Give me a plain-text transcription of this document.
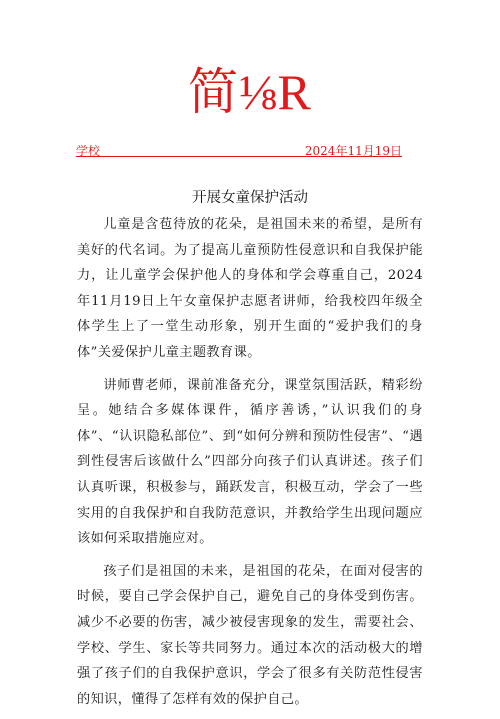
简⅛R
学校	2024年11月19日
开展女童保护活动

儿童是含苞待放的花朵，是祖国未来的希望，是所有美好的代名词。为了提高儿童预防性侵意识和自我保护能力，让儿童学会保护他人的身体和学会尊重自己，2024年11月19日上午女童保护志愿者讲师，给我校四年级全体学生上了一堂生动形象，别开生面的“爱护我们的身体”关爱保护儿童主题教育课。

讲师曹老师，课前准备充分，课堂氛围活跃，精彩纷呈。她结合多媒体课件，循序善诱，”认识我们的身体”、“认识隐私部位”、到“如何分辨和预防性侵害”、“遇到性侵害后该做什么”四部分向孩子们认真讲述。孩子们认真听课，积极参与，踊跃发言，积极互动，学会了一些实用的自我保护和自我防范意识，并教给学生出现问题应该如何采取措施应对。

孩子们是祖国的未来，是祖国的花朵，在面对侵害的时候，要自己学会保护自己，避免自己的身体受到伤害。减少不必要的伤害，减少被侵害现象的发生，需要社会、学校、学生、家长等共同努力。通过本次的活动极大的增强了孩子们的自我保护意识，学会了很多有关防范性侵害的知识，懂得了怎样有效的保护自己。
